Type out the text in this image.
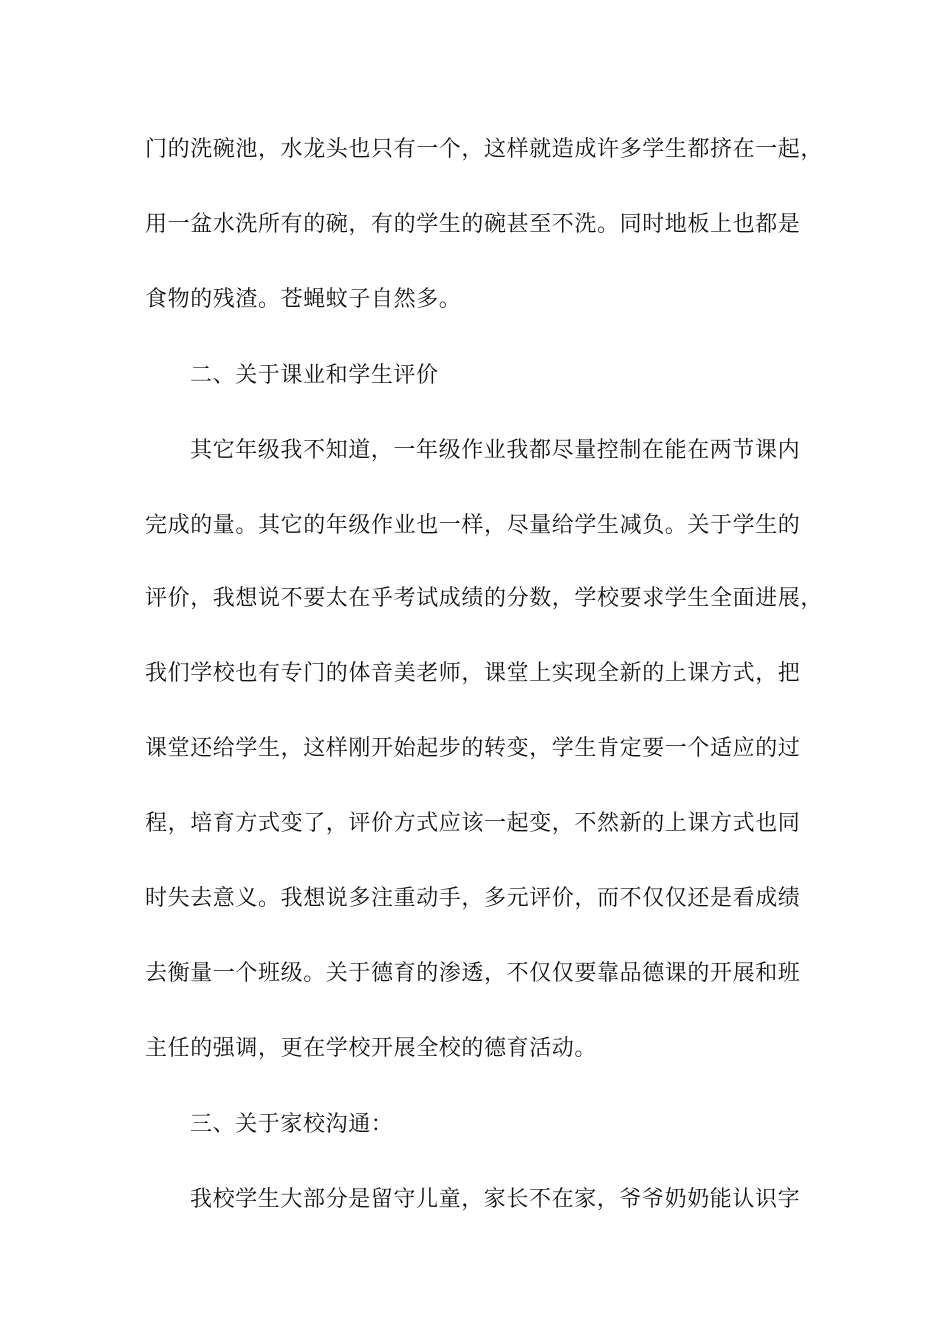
门的洗碗池，水龙头也只有一个，这样就造成许多学生都挤在一起，

用一盆水洗所有的碗，有的学生的碗甚至不洗。同时地板上也都是

食物的残渣。苍蝇蚊子自然多。

二、关于课业和学生评价

其它年级我不知道，一年级作业我都尽量控制在能在两节课内

完成的量。其它的年级作业也一样，尽量给学生减负。关于学生的

评价，我想说不要太在乎考试成绩的分数，学校要求学生全面进展，

我们学校也有专门的体音美老师，课堂上实现全新的上课方式，把

课堂还给学生，这样刚开始起步的转变，学生肯定要一个适应的过

程，培育方式变了，评价方式应该一起变，不然新的上课方式也同

时失去意义。我想说多注重动手，多元评价，而不仅仅还是看成绩

去衡量一个班级。关于德育的渗透，不仅仅要靠品德课的开展和班

主任的强调，更在学校开展全校的德育活动。

三、关于家校沟通：

我校学生大部分是留守儿童，家长不在家，爷爷奶奶能认识字
